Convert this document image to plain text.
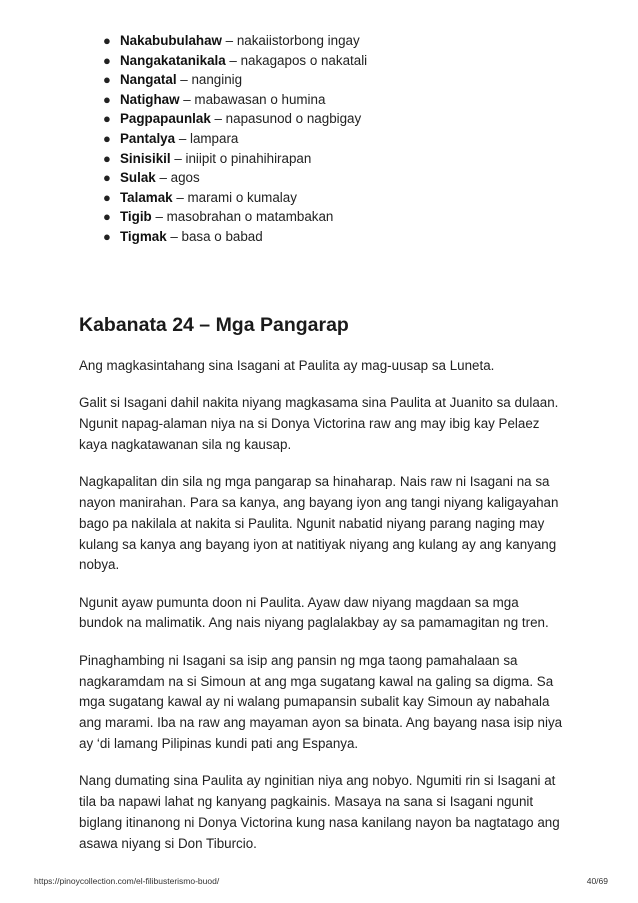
● Nakabubulahaw – nakaiistorbong ingay
● Nangakatanikala – nakagapos o nakatali
● Nangatal – nanginig
● Natighaw – mabawasan o humina
● Pagpapaunlak – napasunod o nagbigay
● Pantalya – lampara
● Sinisikil – iniipit o pinahihirapan
● Sulak – agos
● Talamak – marami o kumalay
● Tigib – masobrahan o matambakan
● Tigmak – basa o babad
Kabanata 24 – Mga Pangarap

Ang magkasintahang sina Isagani at Paulita ay mag-uusap sa Luneta.

Galit si Isagani dahil nakita niyang magkasama sina Paulita at Juanito sa dulaan. Ngunit napag-alaman niya na si Donya Victorina raw ang may ibig kay Pelaez kaya nagkatawanan sila ng kausap.

Nagkapalitan din sila ng mga pangarap sa hinaharap. Nais raw ni Isagani na sa nayon manirahan. Para sa kanya, ang bayang iyon ang tangi niyang kaligayahan bago pa nakilala at nakita si Paulita. Ngunit nabatid niyang parang naging may kulang sa kanya ang bayang iyon at natitiyak niyang ang kulang ay ang kanyang nobya.

Ngunit ayaw pumunta doon ni Paulita. Ayaw daw niyang magdaan sa mga bundok na malimatik. Ang nais niyang paglalakbay ay sa pamamagitan ng tren.

Pinaghambing ni Isagani sa isip ang pansin ng mga taong pamahalaan sa nagkaramdam na si Simoun at ang mga sugatang kawal na galing sa digma. Sa mga sugatang kawal ay ni walang pumapansin subalit kay Simoun ay nabahala ang marami. Iba na raw ang mayaman ayon sa binata. Ang bayang nasa isip niya ay ‘di lamang Pilipinas kundi pati ang Espanya.

Nang dumating sina Paulita ay nginitian niya ang nobyo. Ngumiti rin si Isagani at tila ba napawi lahat ng kanyang pagkainis. Masaya na sana si Isagani ngunit biglang itinanong ni Donya Victorina kung nasa kanilang nayon ba nagtatago ang asawa niyang si Don Tiburcio.

https://pinoycollection.com/el-filibusterismo-buod/	40/69
